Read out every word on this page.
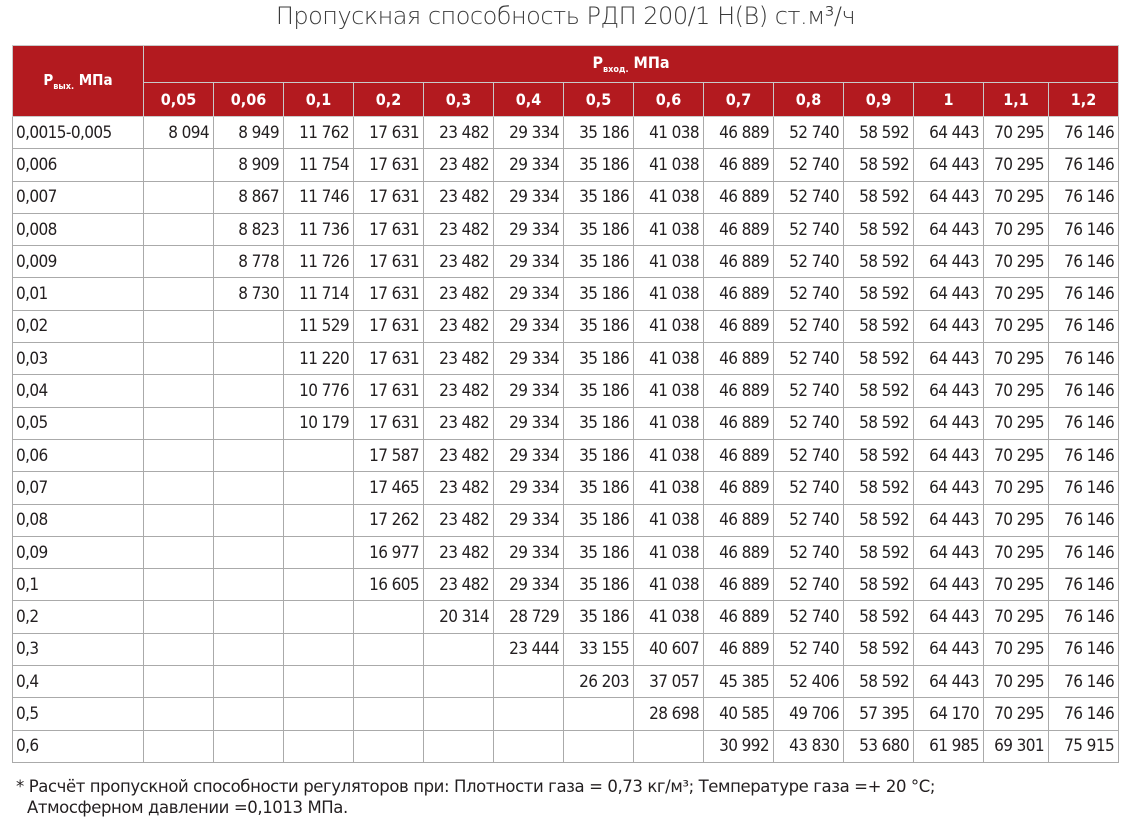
Пропускная способность РДП 200/1 Н(В) ст.м³/ч
$P_{вых.}$ МПа	$P_{вход.}$ МПа													
	0,05	0,06	0,1	0,2	0,3	0,4	0,5	0,6	0,7	0,8	0,9	1	1,1	1,2
0,0015-0,005	8 094	8 949	11 762	17 631	23 482	29 334	35 186	41 038	46 889	52 740	58 592	64 443	70 295	76 146
0,006		8 909	11 754	17 631	23 482	29 334	35 186	41 038	46 889	52 740	58 592	64 443	70 295	76 146
0,007		8 867	11 746	17 631	23 482	29 334	35 186	41 038	46 889	52 740	58 592	64 443	70 295	76 146
0,008		8 823	11 736	17 631	23 482	29 334	35 186	41 038	46 889	52 740	58 592	64 443	70 295	76 146
0,009		8 778	11 726	17 631	23 482	29 334	35 186	41 038	46 889	52 740	58 592	64 443	70 295	76 146
0,01		8 730	11 714	17 631	23 482	29 334	35 186	41 038	46 889	52 740	58 592	64 443	70 295	76 146
0,02			11 529	17 631	23 482	29 334	35 186	41 038	46 889	52 740	58 592	64 443	70 295	76 146
0,03			11 220	17 631	23 482	29 334	35 186	41 038	46 889	52 740	58 592	64 443	70 295	76 146
0,04			10 776	17 631	23 482	29 334	35 186	41 038	46 889	52 740	58 592	64 443	70 295	76 146
0,05			10 179	17 631	23 482	29 334	35 186	41 038	46 889	52 740	58 592	64 443	70 295	76 146
0,06				17 587	23 482	29 334	35 186	41 038	46 889	52 740	58 592	64 443	70 295	76 146
0,07				17 465	23 482	29 334	35 186	41 038	46 889	52 740	58 592	64 443	70 295	76 146
0,08				17 262	23 482	29 334	35 186	41 038	46 889	52 740	58 592	64 443	70 295	76 146
0,09				16 977	23 482	29 334	35 186	41 038	46 889	52 740	58 592	64 443	70 295	76 146
0,1				16 605	23 482	29 334	35 186	41 038	46 889	52 740	58 592	64 443	70 295	76 146
0,2					20 314	28 729	35 186	41 038	46 889	52 740	58 592	64 443	70 295	76 146
0,3						23 444	33 155	40 607	46 889	52 740	58 592	64 443	70 295	76 146
0,4							26 203	37 057	45 385	52 406	58 592	64 443	70 295	76 146
0,5								28 698	40 585	49 706	57 395	64 170	70 295	76 146
0,6									30 992	43 830	53 680	61 985	69 301	75 915
* Расчёт пропускной способности регуляторов при: Плотности газа = 0,73 кг/м³; Температуре газа =+ 20 °С;
Атмосферном давлении =0,1013 МПа.
